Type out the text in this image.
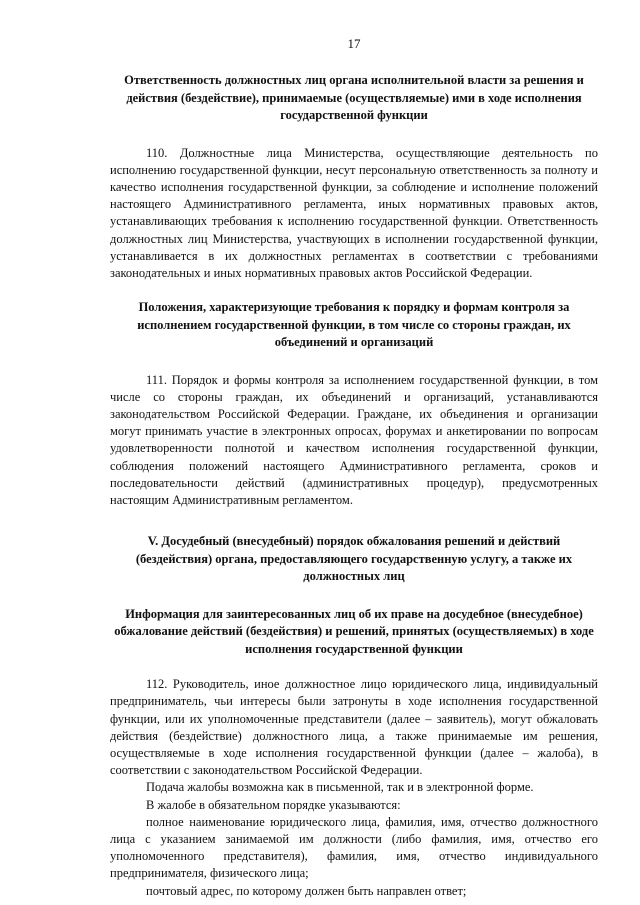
17
Ответственность должностных лиц органа исполнительной власти за решения и действия (бездействие), принимаемые (осуществляемые) ими в ходе исполнения государственной функции

110. Должностные лица Министерства, осуществляющие деятельность по исполнению государственной функции, несут персональную ответственность за полноту и качество исполнения государственной функции, за соблюдение и исполнение положений настоящего Административного регламента, иных нормативных правовых актов, устанавливающих требования к исполнению государственной функции. Ответственность должностных лиц Министерства, участвующих в исполнении государственной функции, устанавливается в их должностных регламентах в соответствии с требованиями законодательных и иных нормативных правовых актов Российской Федерации.

Положения, характеризующие требования к порядку и формам контроля за исполнением государственной функции, в том числе со стороны граждан, их объединений и организаций

111. Порядок и формы контроля за исполнением государственной функции, в том числе со стороны граждан, их объединений и организаций, устанавливаются законодательством Российской Федерации. Граждане, их объединения и организации могут принимать участие в электронных опросах, форумах и анкетировании по вопросам удовлетворенности полнотой и качеством исполнения государственной функции, соблюдения положений настоящего Административного регламента, сроков и последовательности действий (административных процедур), предусмотренных настоящим Административным регламентом.

V. Досудебный (внесудебный) порядок обжалования решений и действий (бездействия) органа, предоставляющего государственную услугу, а также их должностных лиц
Информация для заинтересованных лиц об их праве на досудебное (внесудебное) обжалование действий (бездействия) и решений, принятых (осуществляемых) в ходе исполнения государственной функции

112. Руководитель, иное должностное лицо юридического лица, индивидуальный предприниматель, чьи интересы были затронуты в ходе исполнения государственной функции, или их уполномоченные представители (далее – заявитель), могут обжаловать действия (бездействие) должностного лица, а также принимаемые им решения, осуществляемые в ходе исполнения государственной функции (далее – жалоба), в соответствии с законодательством Российской Федерации.

Подача жалобы возможна как в письменной, так и в электронной форме.

В жалобе в обязательном порядке указываются:

полное наименование юридического лица, фамилия, имя, отчество должностного лица с указанием занимаемой им должности (либо фамилия, имя, отчество его уполномоченного представителя), фамилия, имя, отчество индивидуального предпринимателя, физического лица;

почтовый адрес, по которому должен быть направлен ответ;
